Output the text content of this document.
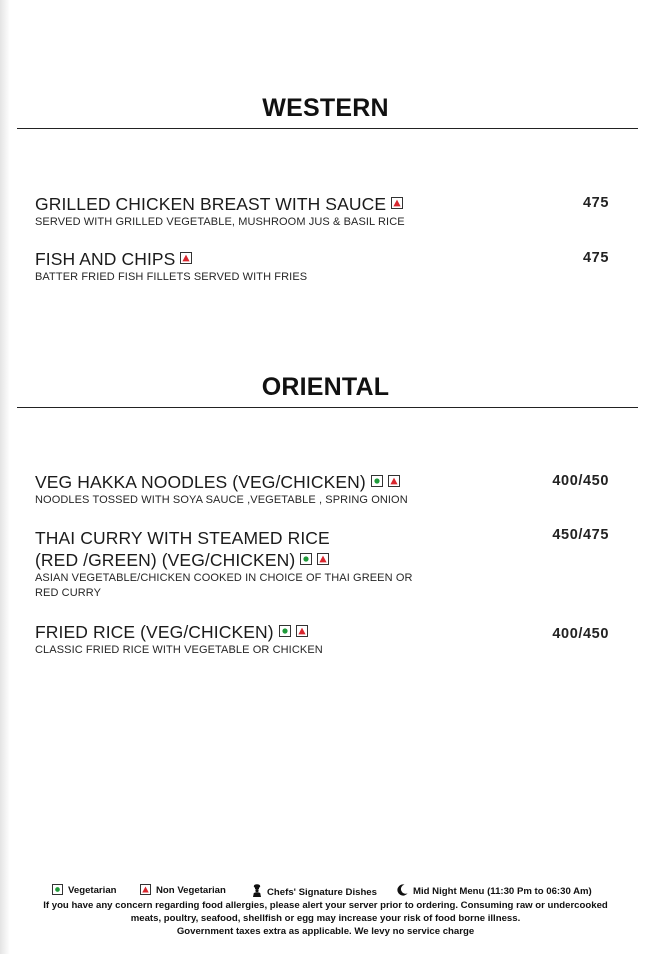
WESTERN
GRILLED CHICKEN BREAST WITH SAUCE
SERVED WITH GRILLED VEGETABLE, MUSHROOM JUS & BASIL RICE
475
FISH AND CHIPS
BATTER FRIED FISH FILLETS SERVED WITH FRIES
475
ORIENTAL
VEG HAKKA NOODLES (VEG/CHICKEN)
NOODLES TOSSED WITH SOYA SAUCE ,VEGETABLE , SPRING ONION
400/450
THAI CURRY WITH STEAMED RICE
(RED /GREEN) (VEG/CHICKEN)
ASIAN VEGETABLE/CHICKEN COOKED IN CHOICE OF THAI GREEN OR
RED CURRY
450/475
FRIED RICE (VEG/CHICKEN)
CLASSIC FRIED RICE WITH VEGETABLE OR CHICKEN
400/450
Vegetarian	Non Vegetarian	Chefs' Signature Dishes	Mid Night Menu (11:30 Pm to 06:30 Am)
If you have any concern regarding food allergies, please alert your server prior to ordering. Consuming raw or undercooked
meats, poultry, seafood, shellfish or egg may increase your risk of food borne illness.
Government taxes extra as applicable. We levy no service charge
